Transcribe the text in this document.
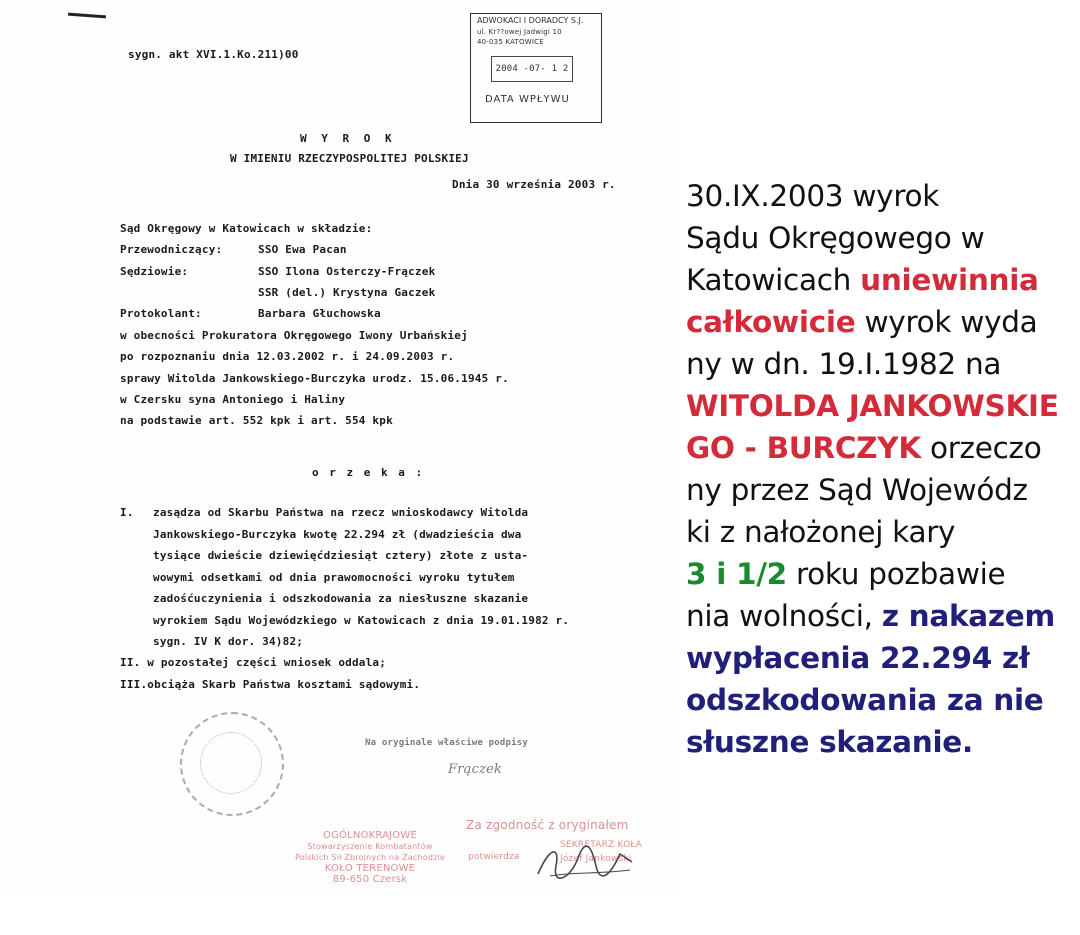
sygn. akt XVI.1.Ko.211)00
ADWOKACI I DORADCY S.J.
ul. Kr??owej Jadwigi 10
40-035 KATOWICE
2004 -07- 1 2
DATA WPŁYWU
W Y R O K
W IMIENIU RZECZYPOSPOLITEJ POLSKIEJ
Dnia 30 września 2003 r.
Sąd Okręgowy w Katowicach w składzie:
Przewodniczący:	SSO Ewa Pacan
Sędziowie:	SSO Ilona Osterczy-Frączek
SSR (del.) Krystyna Gaczek
Protokolant:	Barbara Głuchowska
w obecności Prokuratora Okręgowego Iwony Urbańskiej
po rozpoznaniu dnia 12.03.2002 r. i 24.09.2003 r.
sprawy Witolda Jankowskiego-Burczyka urodz. 15.06.1945 r.
w Czersku syna Antoniego i Haliny
na podstawie art. 552 kpk i art. 554 kpk
o r z e k a :
I. zasądza od Skarbu Państwa na rzecz wnioskodawcy Witolda
Jankowskiego-Burczyka kwotę 22.294 zł (dwadzieścia dwa
tysiące dwieście dziewięćdziesiąt cztery) złote z usta-
wowymi odsetkami od dnia prawomocności wyroku tytułem
zadośćuczynienia i odszkodowania za niesłuszne skazanie
wyrokiem Sądu Wojewódzkiego w Katowicach z dnia 19.01.1982 r.
sygn. IV K dor. 34)82;
II. w pozostałej części wniosek oddala;
III.obciąża Skarb Państwa kosztami sądowymi.
Na oryginale właściwe podpisy
Frączek
OGÓLNOKRAJOWE
Stowarzyszenie Kombatantów
Polskich Sił Zbrojnych na Zachodzie
KOŁO TERENOWE
89-650 Czersk
Za zgodność z oryginałem
potwierdza
SEKRETARZ KOŁA
Józef Jankowski
30.IX.2003 wyrok
Sądu Okręgowego w
Katowicach uniewinnia
całkowicie wyrok wyda
ny w dn. 19.I.1982 na
WITOLDA JANKOWSKIE
GO - BURCZYK orzeczo
ny przez Sąd Wojewódz
ki z nałożonej kary
3 i 1/2 roku pozbawie
nia wolności, z nakazem
wypłacenia 22.294 zł
odszkodowania za nie
słuszne skazanie.
